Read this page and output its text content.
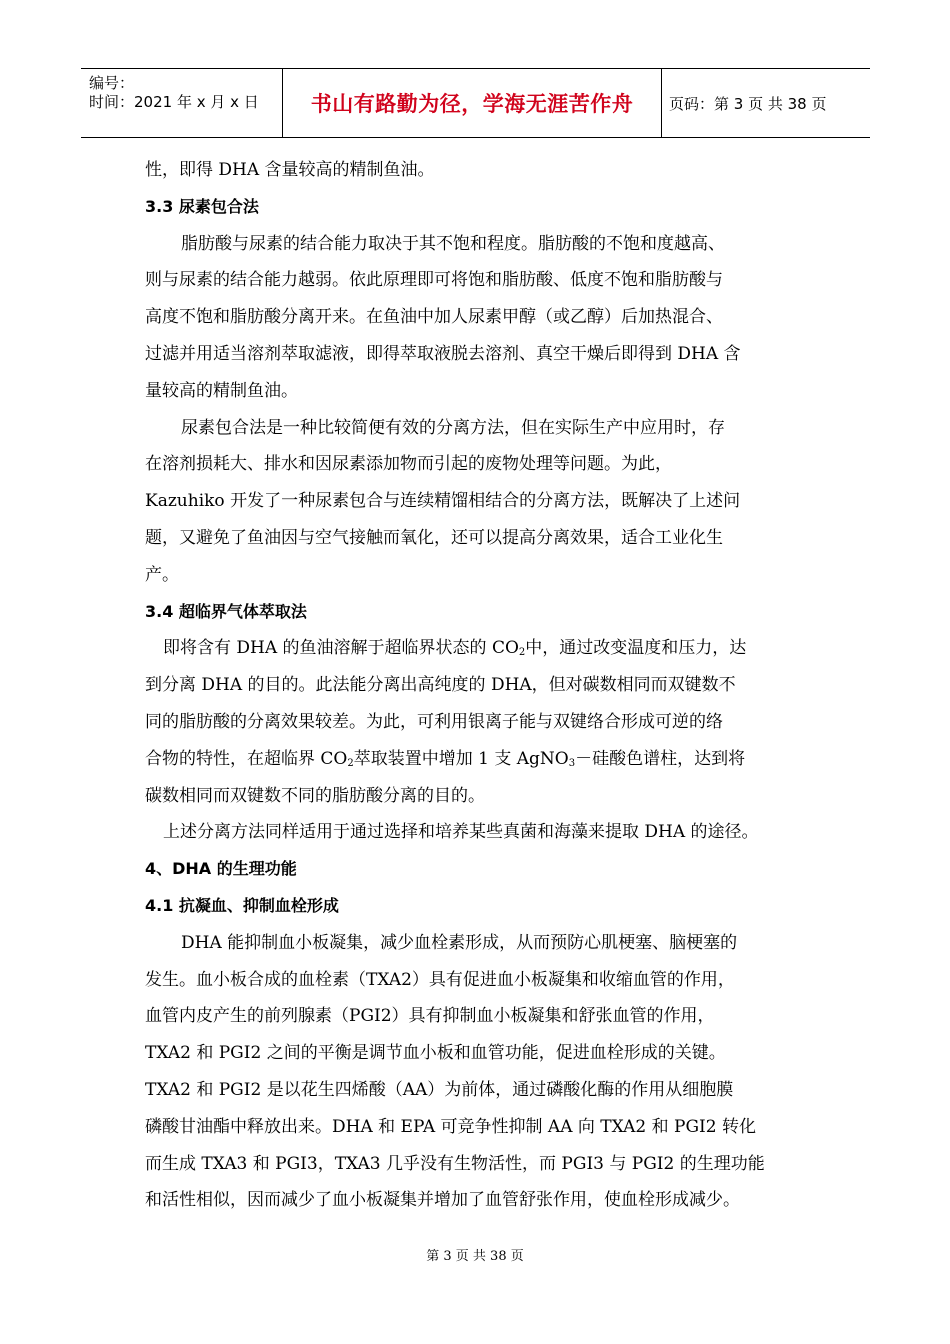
编号：
时间：2021 年 x 月 x 日 书山有路勤为径，学海无涯苦作舟	页码：第 3 页 共 38 页
性，即得 DHA 含量较高的精制鱼油。
3.3 尿素包合法
脂肪酸与尿素的结合能力取决于其不饱和程度。脂肪酸的不饱和度越高、
则与尿素的结合能力越弱。依此原理即可将饱和脂肪酸、低度不饱和脂肪酸与
高度不饱和脂肪酸分离开来。在鱼油中加人尿素甲醇（或乙醇）后加热混合、
过滤并用适当溶剂萃取滤液，即得萃取液脱去溶剂、真空干燥后即得到 DHA 含
量较高的精制鱼油。
尿素包合法是一种比较简便有效的分离方法，但在实际生产中应用时，存
在溶剂损耗大、排水和因尿素添加物而引起的废物处理等问题。为此，
Kazuhiko 开发了一种尿素包合与连续精馏相结合的分离方法，既解决了上述问
题，又避免了鱼油因与空气接触而氧化，还可以提高分离效果，适合工业化生
产。
3.4 超临界气体萃取法
即将含有 DHA 的鱼油溶解于超临界状态的 $CO_2$中，通过改变温度和压力，达
到分离 DHA 的目的。此法能分离出高纯度的 DHA，但对碳数相同而双键数不
同的脂肪酸的分离效果较差。为此，可利用银离子能与双键络合形成可逆的络
合物的特性，在超临界 $CO_2$萃取装置中增加 1 支 AgNO$_3$－硅酸色谱柱，达到将
碳数相同而双键数不同的脂肪酸分离的目的。
上述分离方法同样适用于通过选择和培养某些真菌和海藻来提取 DHA 的途径。
4、DHA 的生理功能
4.1 抗凝血、抑制血栓形成
DHA 能抑制血小板凝集，减少血栓素形成，从而预防心肌梗塞、脑梗塞的
发生。血小板合成的血栓素（TXA2）具有促进血小板凝集和收缩血管的作用，
血管内皮产生的前列腺素（PGI2）具有抑制血小板凝集和舒张血管的作用，
TXA2 和 PGI2 之间的平衡是调节血小板和血管功能，促进血栓形成的关键。
TXA2 和 PGI2 是以花生四烯酸（AA）为前体，通过磷酸化酶的作用从细胞膜
磷酸甘油酯中释放出来。DHA 和 EPA 可竞争性抑制 AA 向 TXA2 和 PGI2 转化
而生成 TXA3 和 PGI3，TXA3 几乎没有生物活性，而 PGI3 与 PGI2 的生理功能
和活性相似，因而减少了血小板凝集并增加了血管舒张作用，使血栓形成减少。
第 3 页 共 38 页
